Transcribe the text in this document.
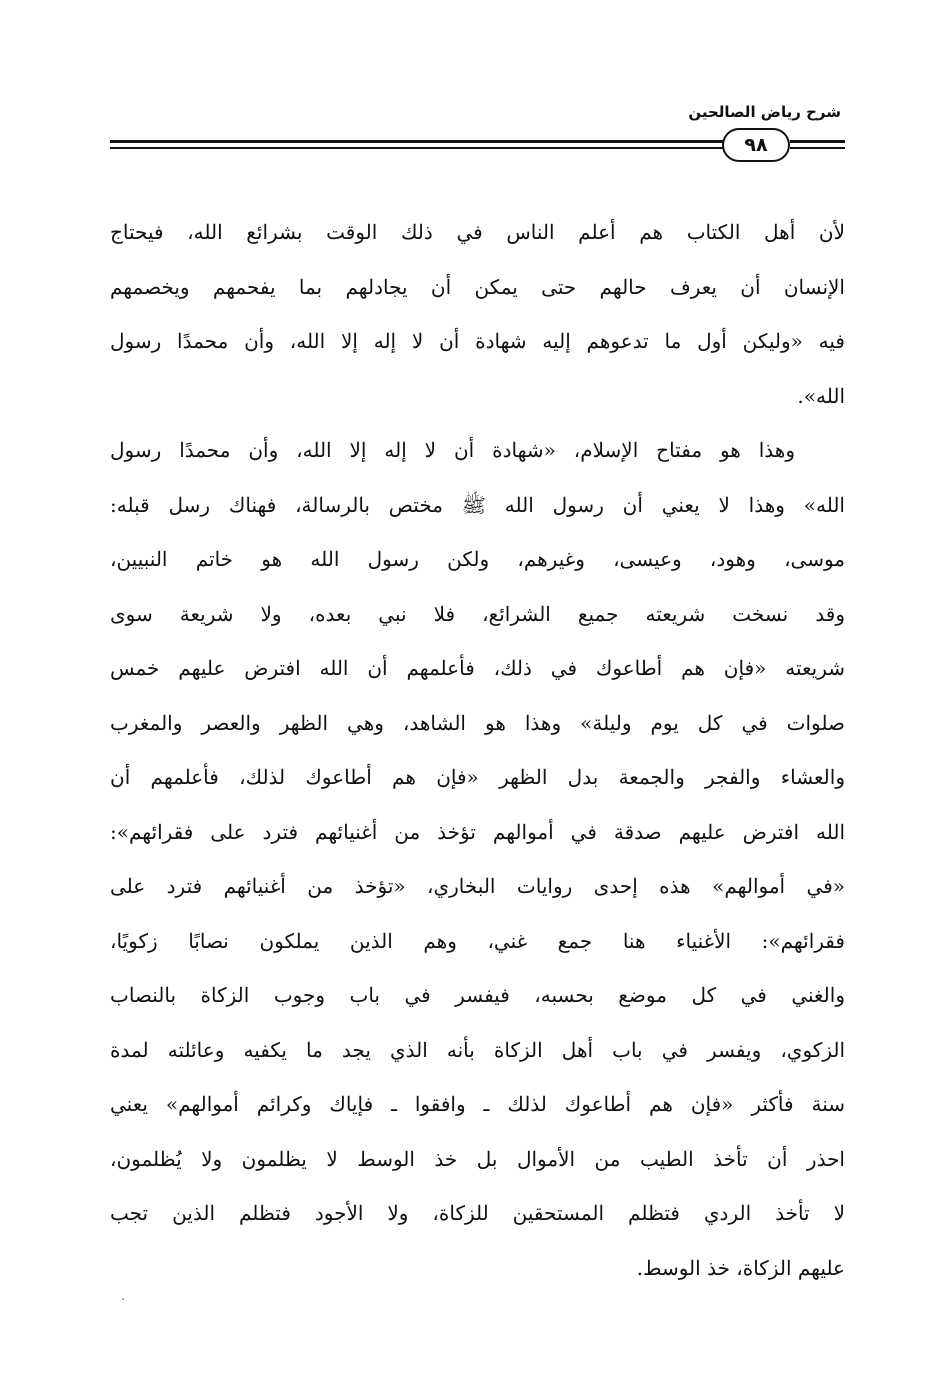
شرح رياض الصالحين
٩٨
لأن أهل الكتاب هم أعلم الناس في ذلك الوقت بشرائع الله، فيحتاج
الإنسان أن يعرف حالهم حتى يمكن أن يجادلهم بما يفحمهم ويخصمهم
فيه «وليكن أول ما تدعوهم إليه شهادة أن لا إله إلا الله، وأن محمدًا رسول
الله».
وهذا هو مفتاح الإسلام، «شهادة أن لا إله إلا الله، وأن محمدًا رسول
الله» وهذا لا يعني أن رسول الله ﷺ مختص بالرسالة، فهناك رسل قبله:
موسى، وهود، وعيسى، وغيرهم، ولكن رسول الله هو خاتم النبيين،
وقد نسخت شريعته جميع الشرائع، فلا نبي بعده، ولا شريعة سوى
شريعته «فإن هم أطاعوك في ذلك، فأعلمهم أن الله افترض عليهم خمس
صلوات في كل يوم وليلة» وهذا هو الشاهد، وهي الظهر والعصر والمغرب
والعشاء والفجر والجمعة بدل الظهر «فإن هم أطاعوك لذلك، فأعلمهم أن
الله افترض عليهم صدقة في أموالهم تؤخذ من أغنيائهم فترد على فقرائهم»:
«في أموالهم» هذه إحدى روايات البخاري، «تؤخذ من أغنيائهم فترد على
فقرائهم»: الأغنياء هنا جمع غني، وهم الذين يملكون نصابًا زكويًا،
والغني في كل موضع بحسبه، فيفسر في باب وجوب الزكاة بالنصاب
الزكوي، ويفسر في باب أهل الزكاة بأنه الذي يجد ما يكفيه وعائلته لمدة
سنة فأكثر «فإن هم أطاعوك لذلك ـ وافقوا ـ فإياك وكرائم أموالهم» يعني
احذر أن تأخذ الطيب من الأموال بل خذ الوسط لا يظلمون ولا يُظلمون،
لا تأخذ الردي فتظلم المستحقين للزكاة، ولا الأجود فتظلم الذين تجب
عليهم الزكاة، خذ الوسط.
